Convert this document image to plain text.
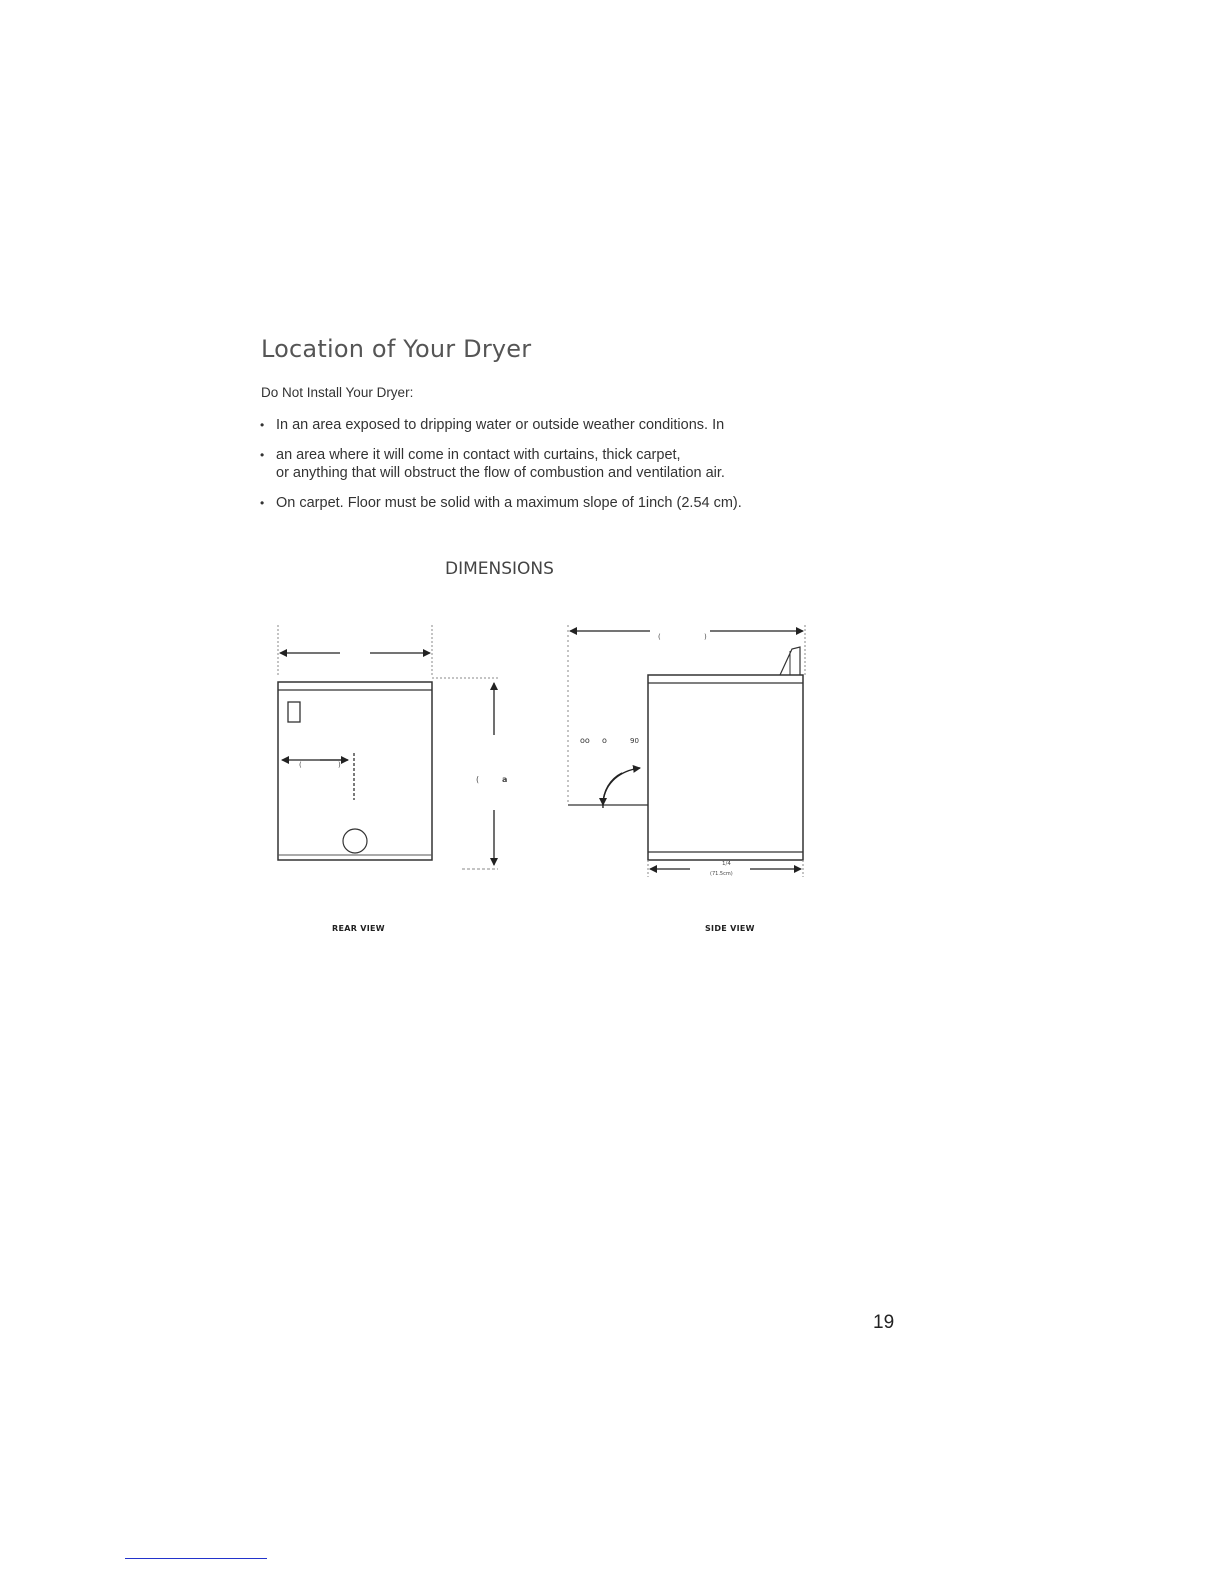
Location of Your Dryer
Do Not Install Your Dryer:
• In an area exposed to dripping water or outside weather conditions. In
• an area where it will come in contact with curtains, thick carpet,
or anything that will obstruct the flow of combustion and ventilation air.
• On carpet. Floor must be solid with a maximum slope of 1inch (2.54 cm).
DIMENSIONS
(	)
(	a
(	)
oo o	90
1/4
(71.5cm)
REAR VIEW	SIDE VIEW
19
